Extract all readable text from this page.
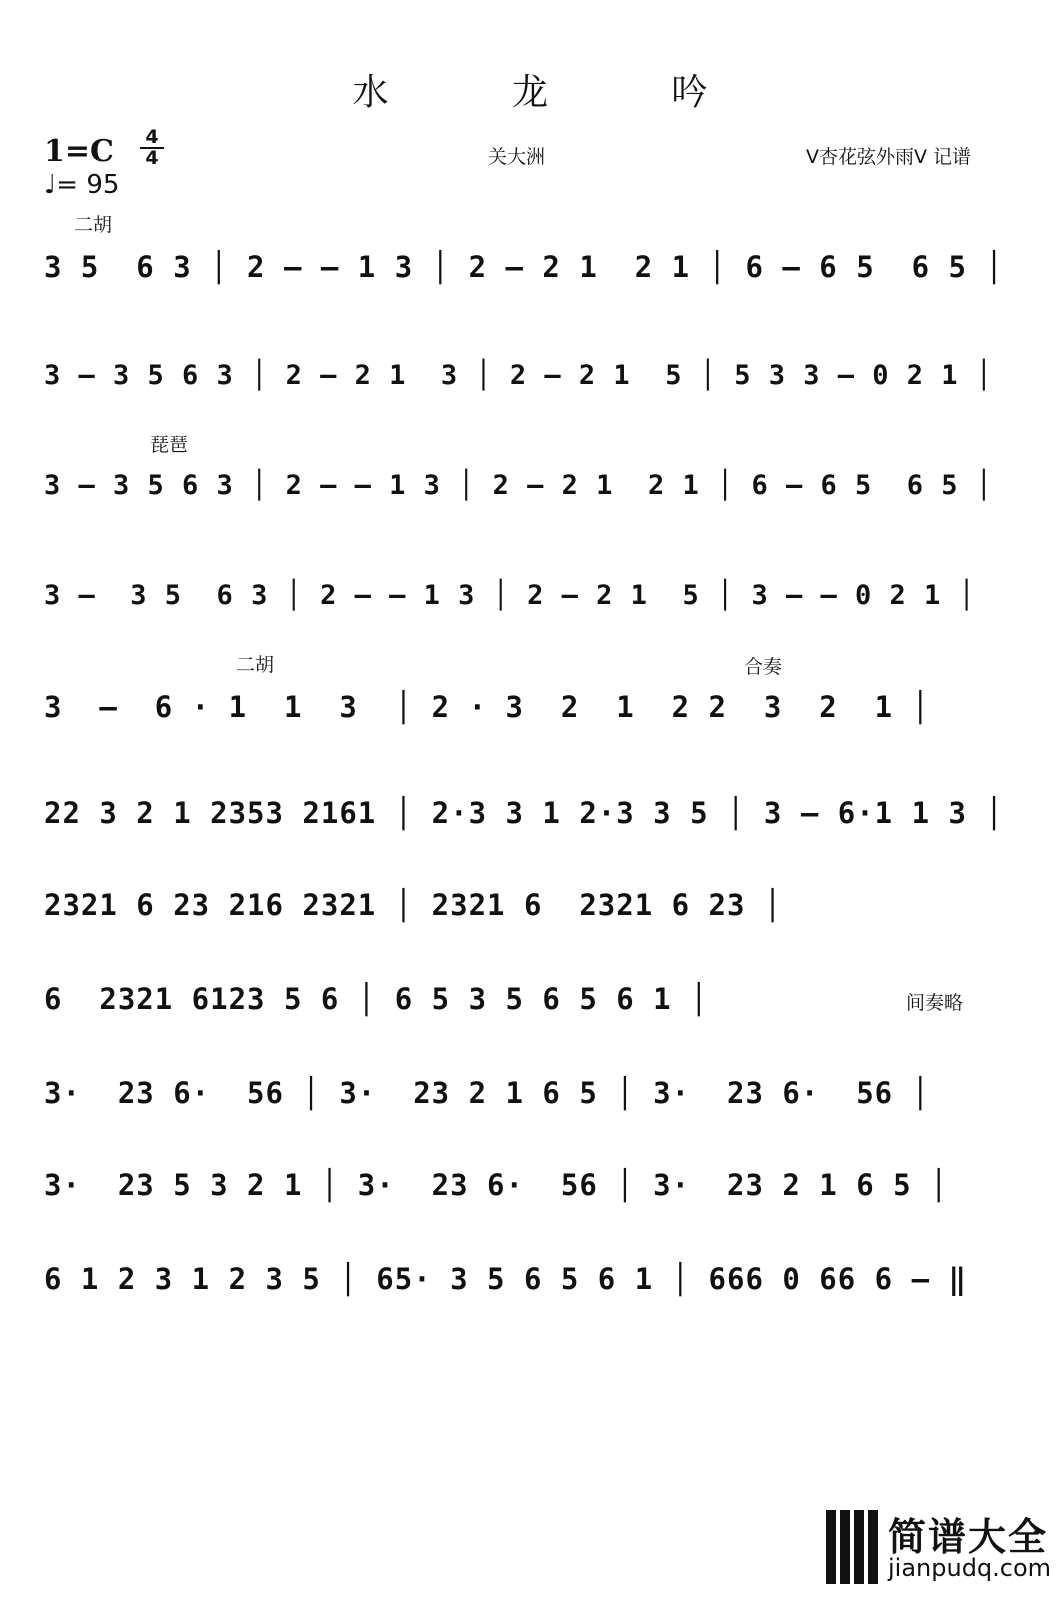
水 龙 吟
$1=C \frac{4}{4}$
♩= 95
关大洲	V杏花弦外雨V 记谱
二胡
琵琶
二胡	合奏
间奏略
3 5  6 3 │ 2 – – 1 3 │ 2 – 2 1  2 1 │ 6 – 6 5  6 5 │
3 – 3 5 6 3 │ 2 – 2 1  3 │ 2 – 2 1  5 │ 5 3 3 – 0 2 1 │
3 – 3 5 6 3 │ 2 – – 1 3 │ 2 – 2 1  2 1 │ 6 – 6 5  6 5 │
3 –  3 5  6 3 │ 2 – – 1 3 │ 2 – 2 1  5 │ 3 – – 0 2 1 │
3  –  6 · 1  1  3  │ 2 · 3  2  1  2 2  3  2  1 │
22 3 2 1 2353 2161 │ 2·3 3 1 2·3 3 5 │ 3 – 6·1 1 3 │
2321 6 23 216 2321 │ 2321 6  2321 6 23 │
6  2321 6123 5 6 │ 6 5 3 5 6 5 6 1 │
3·  23 6·  56 │ 3·  23 2 1 6 5 │ 3·  23 6·  56 │
3·  23 5 3 2 1 │ 3·  23 6·  56 │ 3·  23 2 1 6 5 │
6 1 2 3 1 2 3 5 │ 65· 3 5 6 5 6 1 │ 666 0 66 6 – ‖
简谱大全
jianpudq.com
